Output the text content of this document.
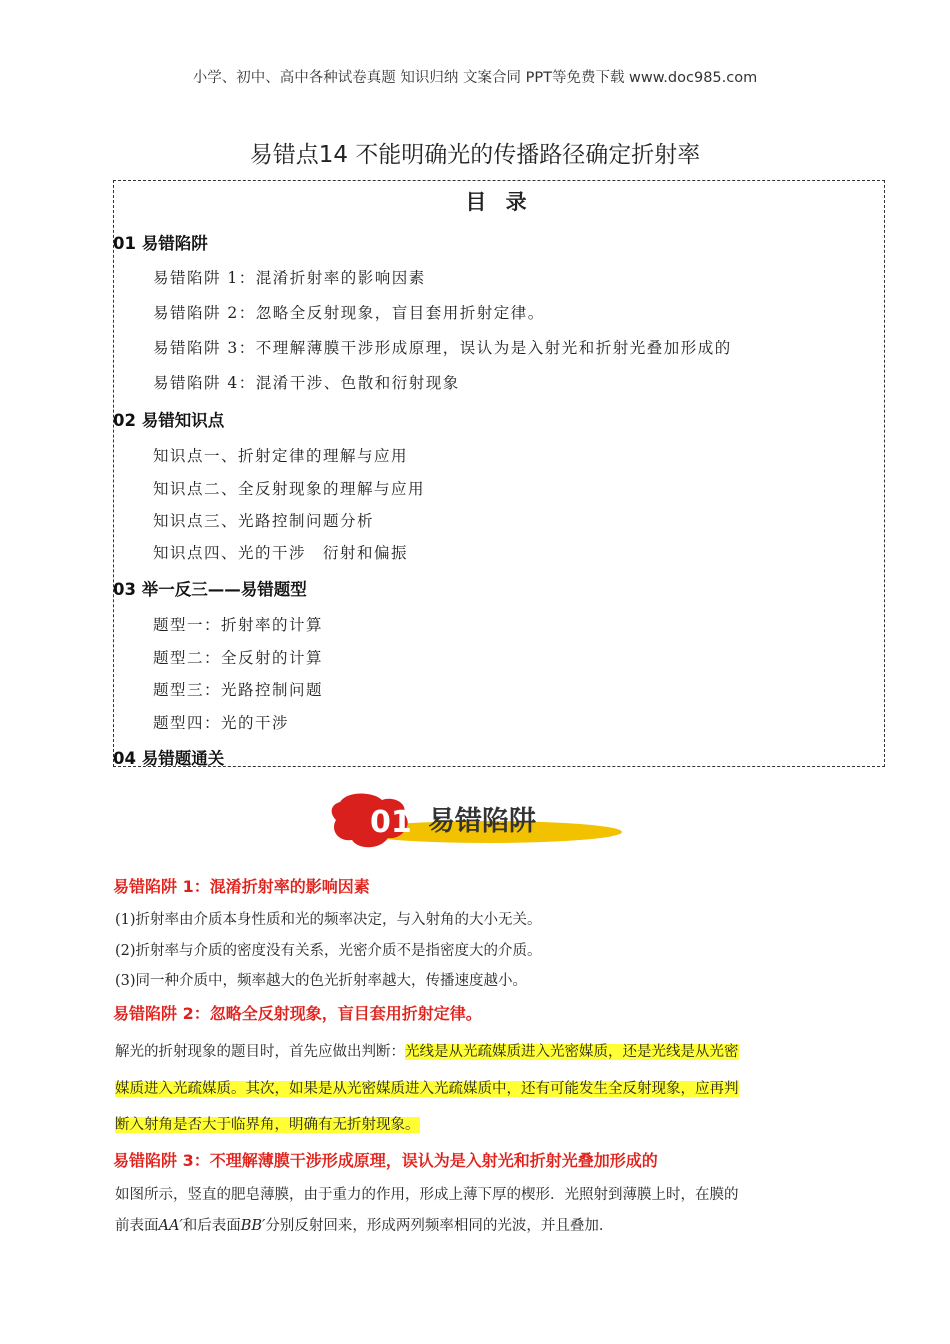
小学、初中、高中各种试卷真题 知识归纳 文案合同 PPT等免费下载 www.doc985.com
易错点14 不能明确光的传播路径确定折射率
目 录
01 易错陷阱
易错陷阱 1：混淆折射率的影响因素
易错陷阱 2：忽略全反射现象，盲目套用折射定律。
易错陷阱 3：不理解薄膜干涉形成原理，误认为是入射光和折射光叠加形成的
易错陷阱 4：混淆干涉、色散和衍射现象
02 易错知识点
知识点一、折射定律的理解与应用
知识点二、全反射现象的理解与应用
知识点三、光路控制问题分析
知识点四、光的干涉　衍射和偏振
03 举一反三——易错题型
题型一：折射率的计算
题型二：全反射的计算
题型三：光路控制问题
题型四：光的干涉
04 易错题通关
01 易错陷阱
易错陷阱 1：混淆折射率的影响因素
(1)折射率由介质本身性质和光的频率决定，与入射角的大小无关。
(2)折射率与介质的密度没有关系，光密介质不是指密度大的介质。
(3)同一种介质中，频率越大的色光折射率越大，传播速度越小。
易错陷阱 2：忽略全反射现象，盲目套用折射定律。
解光的折射现象的题目时，首先应做出判断：光线是从光疏媒质进入光密媒质，还是光线是从光密
媒质进入光疏媒质。其次，如果是从光密媒质进入光疏媒质中，还有可能发生全反射现象，应再判
断入射角是否大于临界角，明确有无折射现象。
易错陷阱 3：不理解薄膜干涉形成原理，误认为是入射光和折射光叠加形成的
如图所示，竖直的肥皂薄膜，由于重力的作用，形成上薄下厚的楔形．光照射到薄膜上时，在膜的
前表面AA′和后表面BB′分别反射回来，形成两列频率相同的光波，并且叠加．
